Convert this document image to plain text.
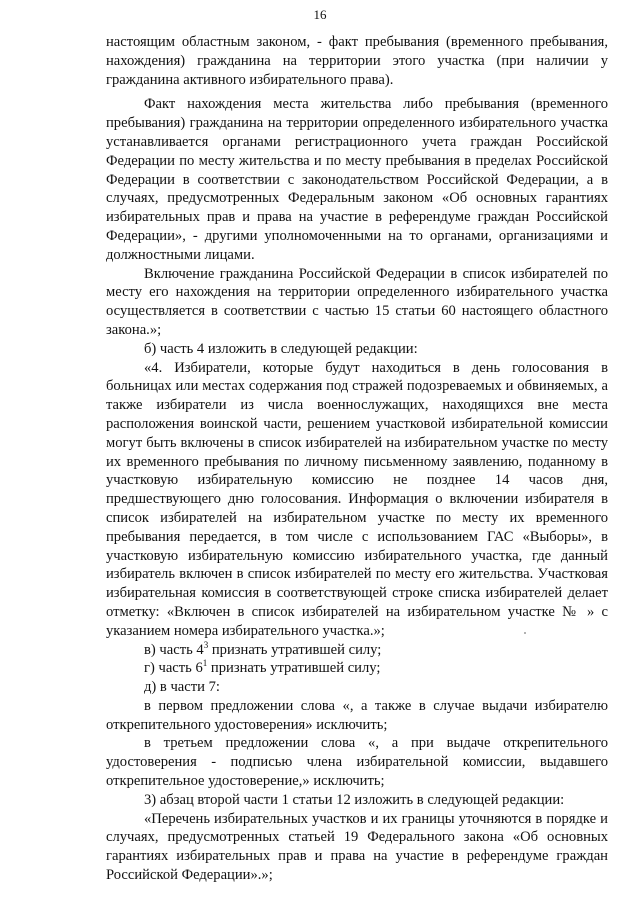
16

настоящим областным законом, - факт пребывания (временного пребывания, нахождения) гражданина на территории этого участка (при наличии у гражданина активного избирательного права).

Факт нахождения места жительства либо пребывания (временного пребывания) гражданина на территории определенного избирательного участка устанавливается органами регистрационного учета граждан Российской Федерации по месту жительства и по месту пребывания в пределах Российской Федерации в соответствии с законодательством Российской Федерации, а в случаях, предусмотренных Федеральным законом «Об основных гарантиях избирательных прав и права на участие в референдуме граждан Российской Федерации», - другими уполномоченными на то органами, организациями и должностными лицами.

Включение гражданина Российской Федерации в список избирателей по месту его нахождения на территории определенного избирательного участка осуществляется в соответствии с частью 15 статьи 60 настоящего областного закона.»;

б) часть 4 изложить в следующей редакции:

«4. Избиратели, которые будут находиться в день голосования в больницах или местах содержания под стражей подозреваемых и обвиняемых, а также избиратели из числа военнослужащих, находящихся вне места расположения воинской части, решением участковой избирательной комиссии могут быть включены в список избирателей на избирательном участке по месту их временного пребывания по личному письменному заявлению, поданному в участковую избирательную комиссию не позднее 14 часов дня, предшествующего дню голосования. Информация о включении избирателя в список избирателей на избирательном участке по месту их временного пребывания передается, в том числе с использованием ГАС «Выборы», в участковую избирательную комиссию избирательного участка, где данный избиратель включен в список избирателей по месту его жительства. Участковая избирательная комиссия в соответствующей строке списка избирателей делает отметку: «Включен в список избирателей на избирательном участке № » с указанием номера избирательного участка.»;

в) часть $4^3$ признать утратившей силу;

г) часть $6^1$ признать утратившей силу;

д) в части 7:

в первом предложении слова «, а также в случае выдачи избирателю открепительного удостоверения» исключить;

в третьем предложении слова «, а при выдаче открепительного удостоверения - подписью члена избирательной комиссии, выдавшего открепительное удостоверение,» исключить;

3) абзац второй части 1 статьи 12 изложить в следующей редакции:

«Перечень избирательных участков и их границы уточняются в порядке и случаях, предусмотренных статьей 19 Федерального закона «Об основных гарантиях избирательных прав и права на участие в референдуме граждан Российской Федерации».»;
